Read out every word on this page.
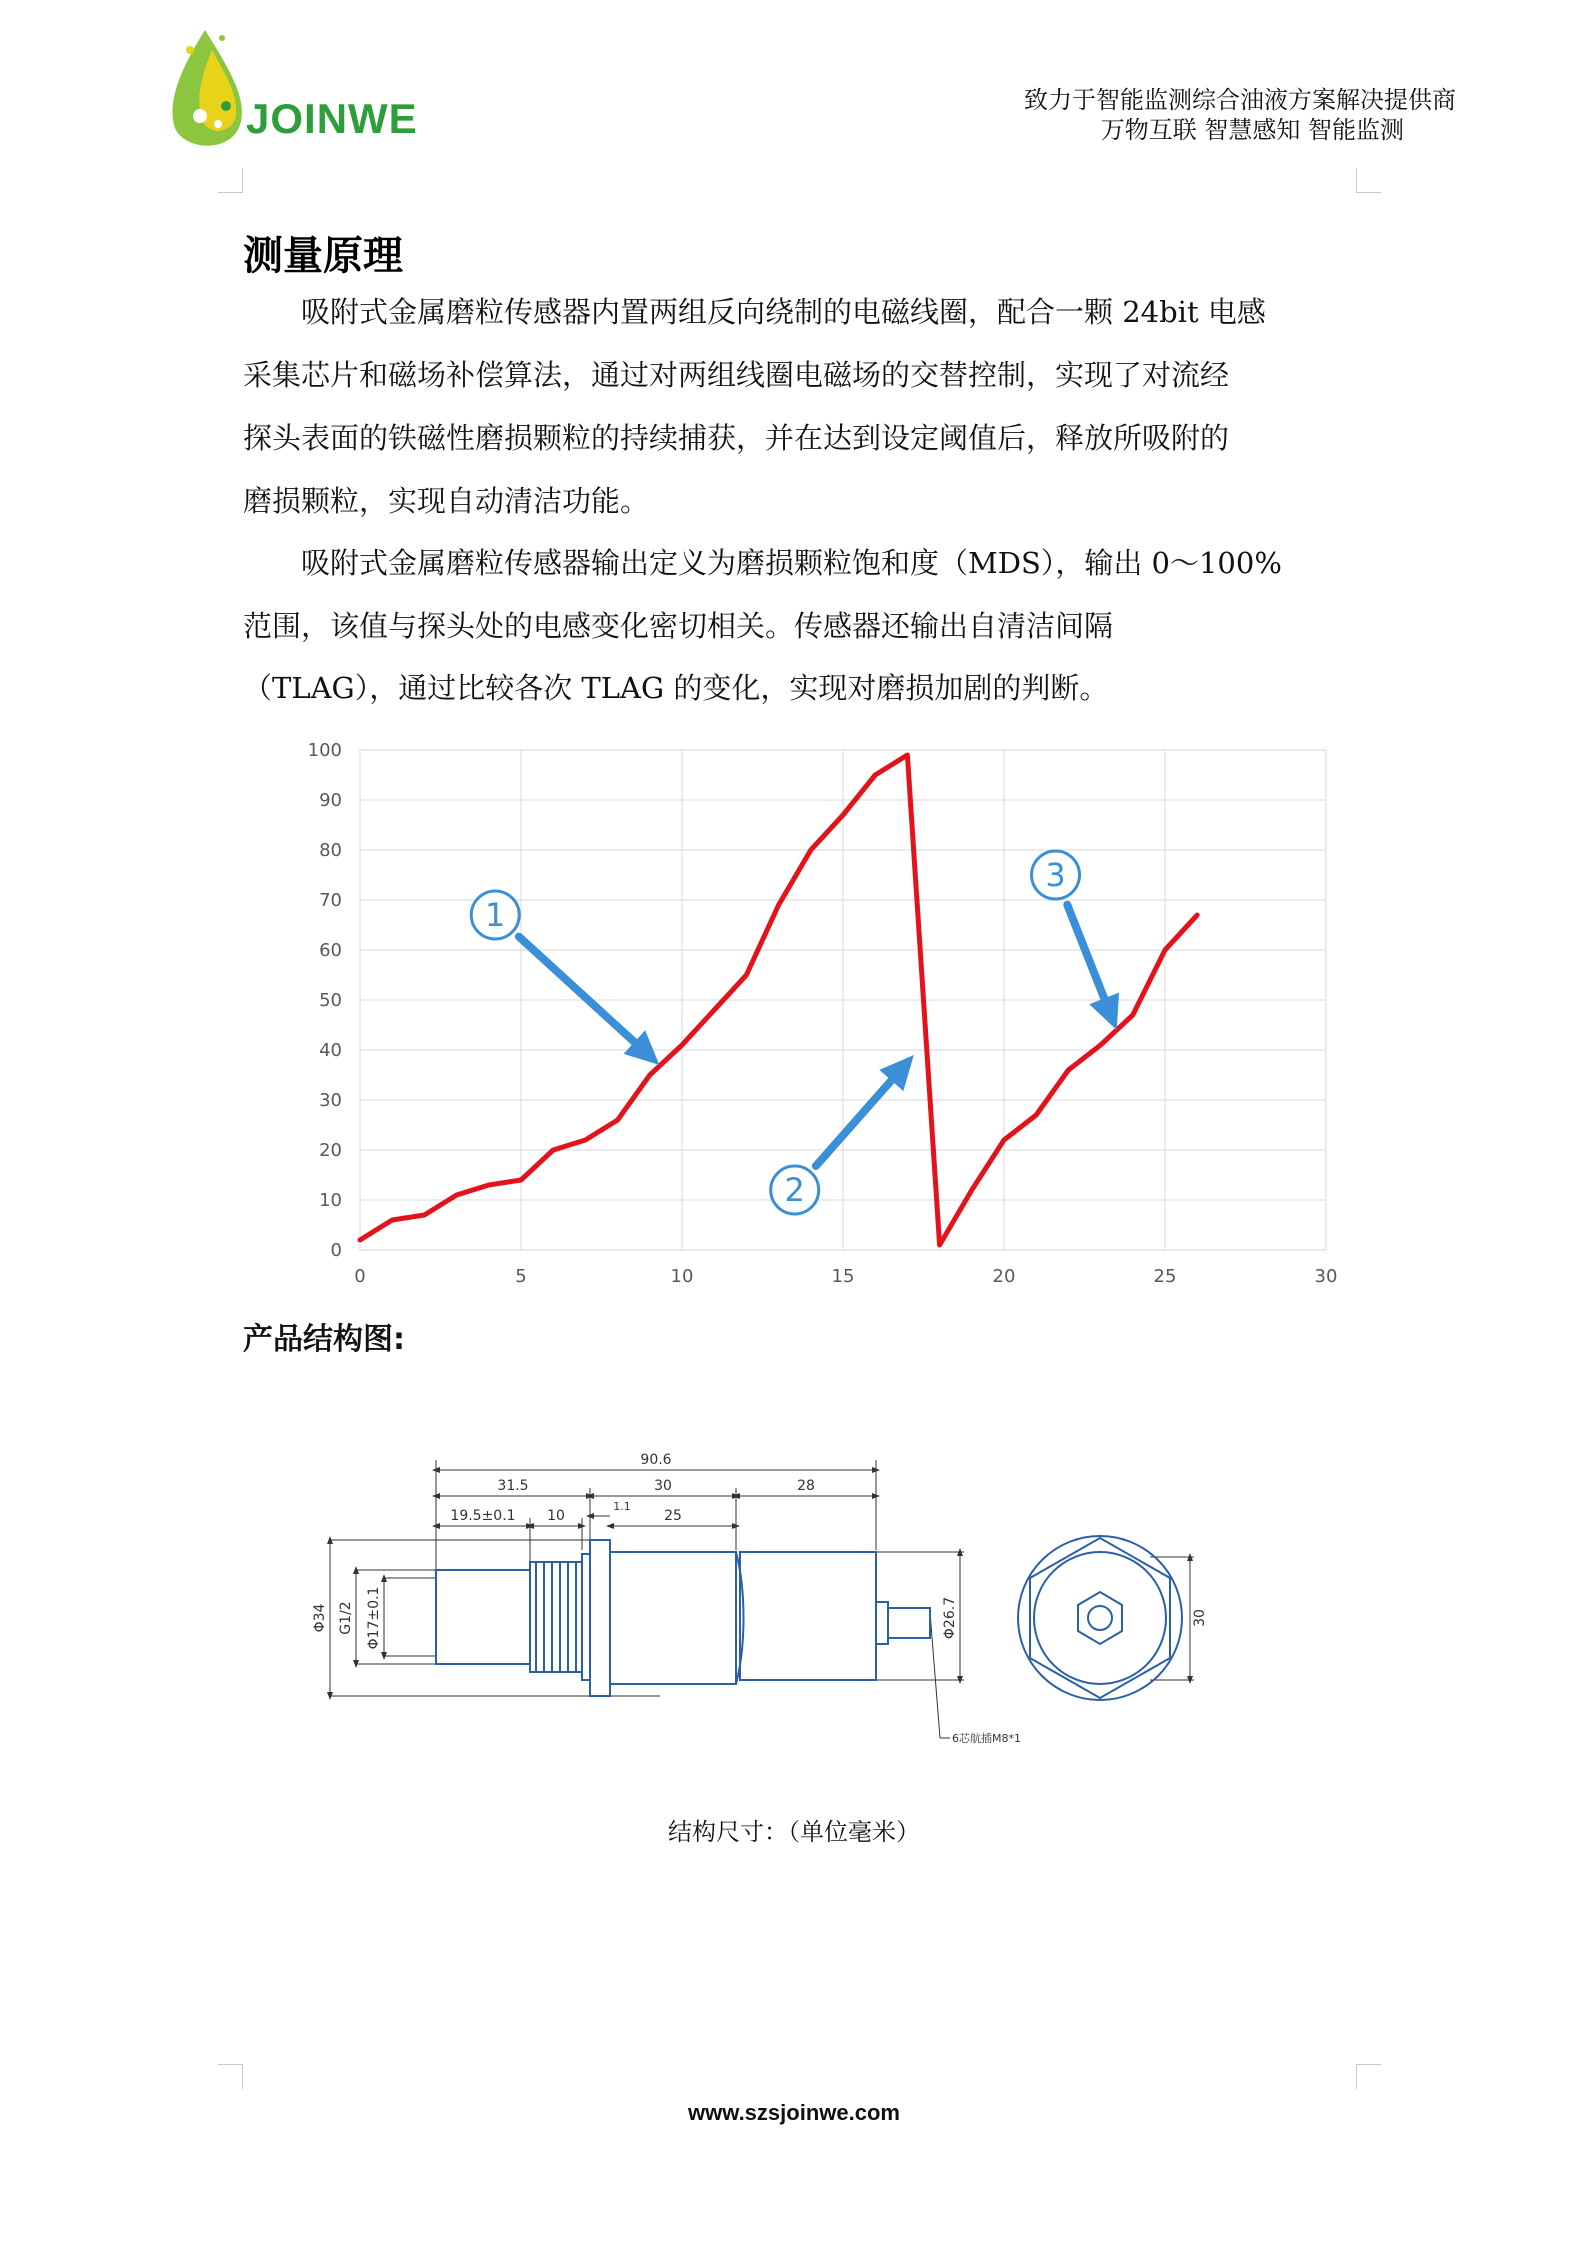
JOINWE	致力于智能监测综合油液方案解决提供商
万物互联 智慧感知 智能监测
测量原理
吸附式金属磨粒传感器内置两组反向绕制的电磁线圈，配合一颗 24bit 电感
采集芯片和磁场补偿算法，通过对两组线圈电磁场的交替控制，实现了对流经
探头表面的铁磁性磨损颗粒的持续捕获，并在达到设定阈值后，释放所吸附的
磨损颗粒，实现自动清洁功能。
吸附式金属磨粒传感器输出定义为磨损颗粒饱和度（MDS），输出 0～100%
范围，该值与探头处的电感变化密切相关。传感器还输出自清洁间隔
（TLAG），通过比较各次 TLAG 的变化，实现对磨损加剧的判断。
0
10
20
30
40
50
60
70
80
90
100
0	5	10	15	20	25	30
1
2
3
产品结构图:
90.6
31.5	30	28
19.5±0.1 10
1.1
25
Φ34 G1/2 Φ17±0.1	Φ26.7	30
6芯航插M8*1
结构尺寸：（单位毫米）
www.szsjoinwe.com
